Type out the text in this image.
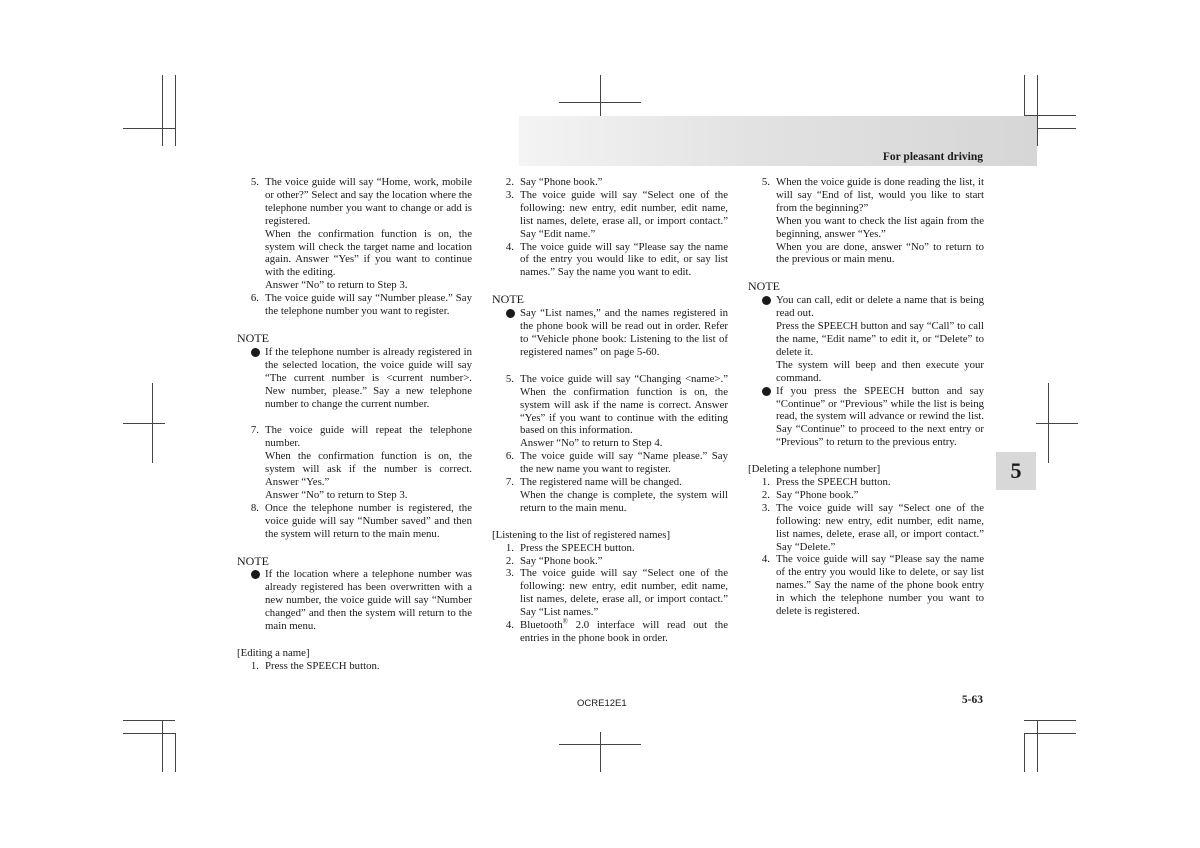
For pleasant driving
5
5. The voice guide will say “Home, work, mobile or other?” Select and say the location where the telephone number you want to change or add is registered.

When the confirmation function is on, the system will check the target name and location again. Answer “Yes” if you want to continue with the editing.

Answer “No” to return to Step 3.

6. The voice guide will say “Number please.” Say the telephone number you want to register.

NOTE

If the telephone number is already registered in the selected location, the voice guide will say “The current number is <current number>. New number, please.” Say a new telephone number to change the current number.

7. The voice guide will repeat the telephone number.

When the confirmation function is on, the system will ask if the number is correct. Answer “Yes.”

Answer “No” to return to Step 3.

8. Once the telephone number is registered, the voice guide will say “Number saved” and then the system will return to the main menu.

NOTE

If the location where a telephone number was already registered has been overwritten with a new number, the voice guide will say “Number changed” and then the system will return to the main menu.

[Editing a name]
1. Press the SPEECH button.

2. Say “Phone book.”

3. The voice guide will say “Select one of the following: new entry, edit number, edit name, list names, delete, erase all, or import contact.” Say “Edit name.”

4. The voice guide will say “Please say the name of the entry you would like to edit, or say list names.” Say the name you want to edit.

NOTE

Say “List names,” and the names registered in the phone book will be read out in order. Refer to “Vehicle phone book: Listening to the list of registered names” on page 5-60.

5. The voice guide will say “Changing <name>.” When the confirmation function is on, the system will ask if the name is correct. Answer “Yes” if you want to continue with the editing based on this information.

Answer “No” to return to Step 4.

6. The voice guide will say “Name please.” Say the new name you want to register.

7. The registered name will be changed.

When the change is complete, the system will return to the main menu.

[Listening to the list of registered names]
1. Press the SPEECH button.

2. Say “Phone book.”

3. The voice guide will say “Select one of the following: new entry, edit number, edit name, list names, delete, erase all, or import contact.” Say “List names.”

4. Bluetooth® 2.0 interface will read out the entries in the phone book in order.

5. When the voice guide is done reading the list, it will say “End of list, would you like to start from the beginning?”

When you want to check the list again from the beginning, answer “Yes.”

When you are done, answer “No” to return to the previous or main menu.

NOTE

You can call, edit or delete a name that is being read out.

Press the SPEECH button and say “Call” to call the name, “Edit name” to edit it, or “Delete” to delete it.

The system will beep and then execute your command.

If you press the SPEECH button and say “Continue” or “Previous” while the list is being read, the system will advance or rewind the list. Say “Continue” to proceed to the next entry or “Previous” to return to the previous entry.

[Deleting a telephone number]
1. Press the SPEECH button.

2. Say “Phone book.”

3. The voice guide will say “Select one of the following: new entry, edit number, edit name, list names, delete, erase all, or import contact.” Say “Delete.”

4. The voice guide will say “Please say the name of the entry you would like to delete, or say list names.” Say the name of the phone book entry in which the telephone number you want to delete is registered.

OCRE12E1	5-63
